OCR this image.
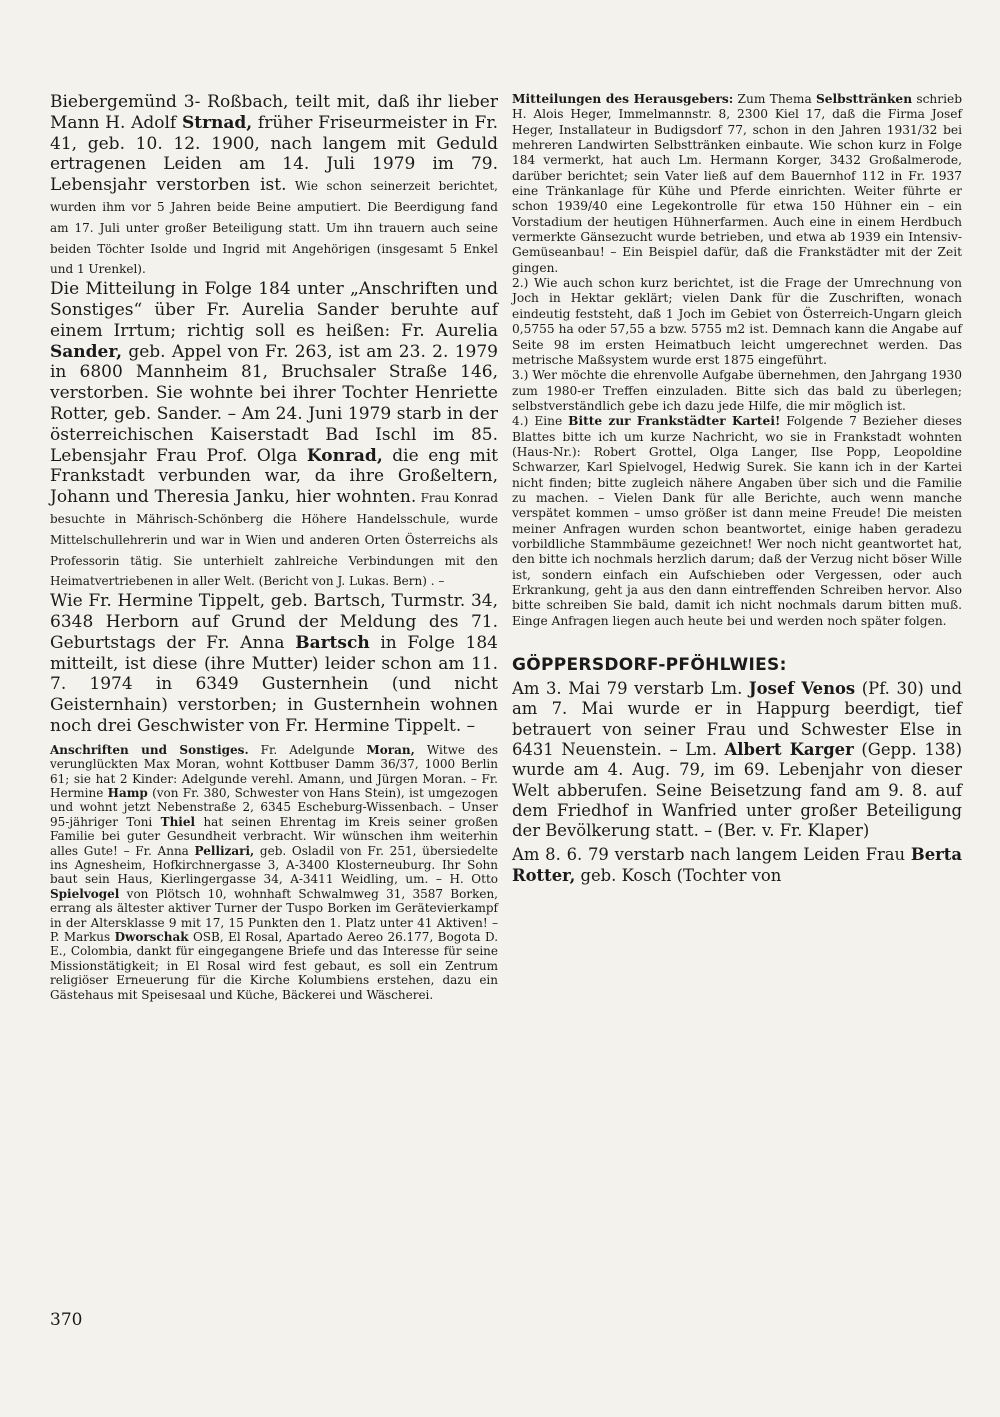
Biebergemünd 3- Roßbach, teilt mit, daß ihr lieber Mann H. Adolf Strnad, früher Friseurmeister in Fr. 41, geb. 10. 12. 1900, nach langem mit Geduld ertragenen Leiden am 14. Juli 1979 im 79. Lebensjahr verstorben ist. Wie schon seinerzeit berichtet, wurden ihm vor 5 Jahren beide Beine amputiert. Die Beerdigung fand am 17. Juli unter großer Beteiligung statt. Um ihn trauern auch seine beiden Töchter Isolde und Ingrid mit Angehörigen (insgesamt 5 Enkel und 1 Urenkel).

Die Mitteilung in Folge 184 unter „Anschriften und Sonstiges“ über Fr. Aurelia Sander beruhte auf einem Irrtum; richtig soll es heißen: Fr. Aurelia Sander, geb. Appel von Fr. 263, ist am 23. 2. 1979 in 6800 Mannheim 81, Bruchsaler Straße 146, verstorben. Sie wohnte bei ihrer Tochter Henriette Rotter, geb. Sander. – Am 24. Juni 1979 starb in der österreichischen Kaiserstadt Bad Ischl im 85. Lebensjahr Frau Prof. Olga Konrad, die eng mit Frankstadt verbunden war, da ihre Großeltern, Johann und Theresia Janku, hier wohnten. Frau Konrad besuchte in Mährisch-Schönberg die Höhere Handelsschule, wurde Mittelschullehrerin und war in Wien und anderen Orten Österreichs als Professorin tätig. Sie unterhielt zahlreiche Verbindungen mit den Heimatvertriebenen in aller Welt. (Bericht von J. Lukas. Bern) . –

Wie Fr. Hermine Tippelt, geb. Bartsch, Turmstr. 34, 6348 Herborn auf Grund der Meldung des 71. Geburtstags der Fr. Anna Bartsch in Folge 184 mitteilt, ist diese (ihre Mutter) leider schon am 11. 7. 1974 in 6349 Gusternhein (und nicht Geisternhain) verstorben; in Gusternhein wohnen noch drei Geschwister von Fr. Hermine Tippelt. –

Anschriften und Sonstiges. Fr. Adelgunde Moran, Witwe des verunglückten Max Moran, wohnt Kottbuser Damm 36/37, 1000 Berlin 61; sie hat 2 Kinder: Adelgunde verehl. Amann, und Jürgen Moran. – Fr. Hermine Hamp (von Fr. 380, Schwester von Hans Stein), ist umgezogen und wohnt jetzt Nebenstraße 2, 6345 Escheburg-Wissenbach. – Unser 95-jähriger Toni Thiel hat seinen Ehrentag im Kreis seiner großen Familie bei guter Gesundheit verbracht. Wir wünschen ihm weiterhin alles Gute! – Fr. Anna Pellizari, geb. Osladil von Fr. 251, übersiedelte ins Agnesheim, Hofkirchnergasse 3, A-3400 Klosterneuburg. Ihr Sohn baut sein Haus, Kierlingergasse 34, A-3411 Weidling, um. – H. Otto Spielvogel von Plötsch 10, wohnhaft Schwalmweg 31, 3587 Borken, errang als ältester aktiver Turner der Tuspo Borken im Gerätevierkampf in der Altersklasse 9 mit 17, 15 Punkten den 1. Platz unter 41 Aktiven! – P. Markus Dworschak OSB, El Rosal, Apartado Aereo 26.177, Bogota D. E., Colombia, dankt für eingegangene Briefe und das Interesse für seine Missionstätigkeit; in El Rosal wird fest gebaut, es soll ein Zentrum religiöser Erneuerung für die Kirche Kolumbiens erstehen, dazu ein Gästehaus mit Speisesaal und Küche, Bäckerei und Wäscherei.

Mitteilungen des Herausgebers: Zum Thema Selbsttränken schrieb H. Alois Heger, Immelmannstr. 8, 2300 Kiel 17, daß die Firma Josef Heger, Installateur in Budigsdorf 77, schon in den Jahren 1931/32 bei mehreren Landwirten Selbsttränken einbaute. Wie schon kurz in Folge 184 vermerkt, hat auch Lm. Hermann Korger, 3432 Großalmerode, darüber berichtet; sein Vater ließ auf dem Bauernhof 112 in Fr. 1937 eine Tränkanlage für Kühe und Pferde einrichten. Weiter führte er schon 1939/40 eine Legekontrolle für etwa 150 Hühner ein – ein Vorstadium der heutigen Hühnerfarmen. Auch eine in einem Herdbuch vermerkte Gänsezucht wurde betrieben, und etwa ab 1939 ein Intensiv-Gemüseanbau! – Ein Beispiel dafür, daß die Frankstädter mit der Zeit gingen.

2.) Wie auch schon kurz berichtet, ist die Frage der Umrechnung von Joch in Hektar geklärt; vielen Dank für die Zuschriften, wonach eindeutig feststeht, daß 1 Joch im Gebiet von Österreich-Ungarn gleich 0,5755 ha oder 57,55 a bzw. 5755 m2 ist. Demnach kann die Angabe auf Seite 98 im ersten Heimatbuch leicht umgerechnet werden. Das metrische Maßsystem wurde erst 1875 eingeführt.

3.) Wer möchte die ehrenvolle Aufgabe übernehmen, den Jahrgang 1930 zum 1980-er Treffen einzuladen. Bitte sich das bald zu überlegen; selbstverständlich gebe ich dazu jede Hilfe, die mir möglich ist.

4.) Eine Bitte zur Frankstädter Kartei! Folgende 7 Bezieher dieses Blattes bitte ich um kurze Nachricht, wo sie in Frankstadt wohnten (Haus-Nr.): Robert Grottel, Olga Langer, Ilse Popp, Leopoldine Schwarzer, Karl Spielvogel, Hedwig Surek. Sie kann ich in der Kartei nicht finden; bitte zugleich nähere Angaben über sich und die Familie zu machen. – Vielen Dank für alle Berichte, auch wenn manche verspätet kommen – umso größer ist dann meine Freude! Die meisten meiner Anfragen wurden schon beantwortet, einige haben geradezu vorbildliche Stammbäume gezeichnet! Wer noch nicht geantwortet hat, den bitte ich nochmals herzlich darum; daß der Verzug nicht böser Wille ist, sondern einfach ein Aufschieben oder Vergessen, oder auch Erkrankung, geht ja aus den dann eintreffenden Schreiben hervor. Also bitte schreiben Sie bald, damit ich nicht nochmals darum bitten muß. Einge Anfragen liegen auch heute bei und werden noch später folgen.

GÖPPERSDORF-PFÖHLWIES:

Am 3. Mai 79 verstarb Lm. Josef Venos (Pf. 30) und am 7. Mai wurde er in Happurg beerdigt, tief betrauert von seiner Frau und Schwester Else in 6431 Neuenstein. – Lm. Albert Karger (Gepp. 138) wurde am 4. Aug. 79, im 69. Lebenjahr von dieser Welt abberufen. Seine Beisetzung fand am 9. 8. auf dem Friedhof in Wanfried unter großer Beteiligung der Bevölkerung statt. – (Ber. v. Fr. Klaper)

Am 8. 6. 79 verstarb nach langem Leiden Frau Berta Rotter, geb. Kosch (Tochter von

370
